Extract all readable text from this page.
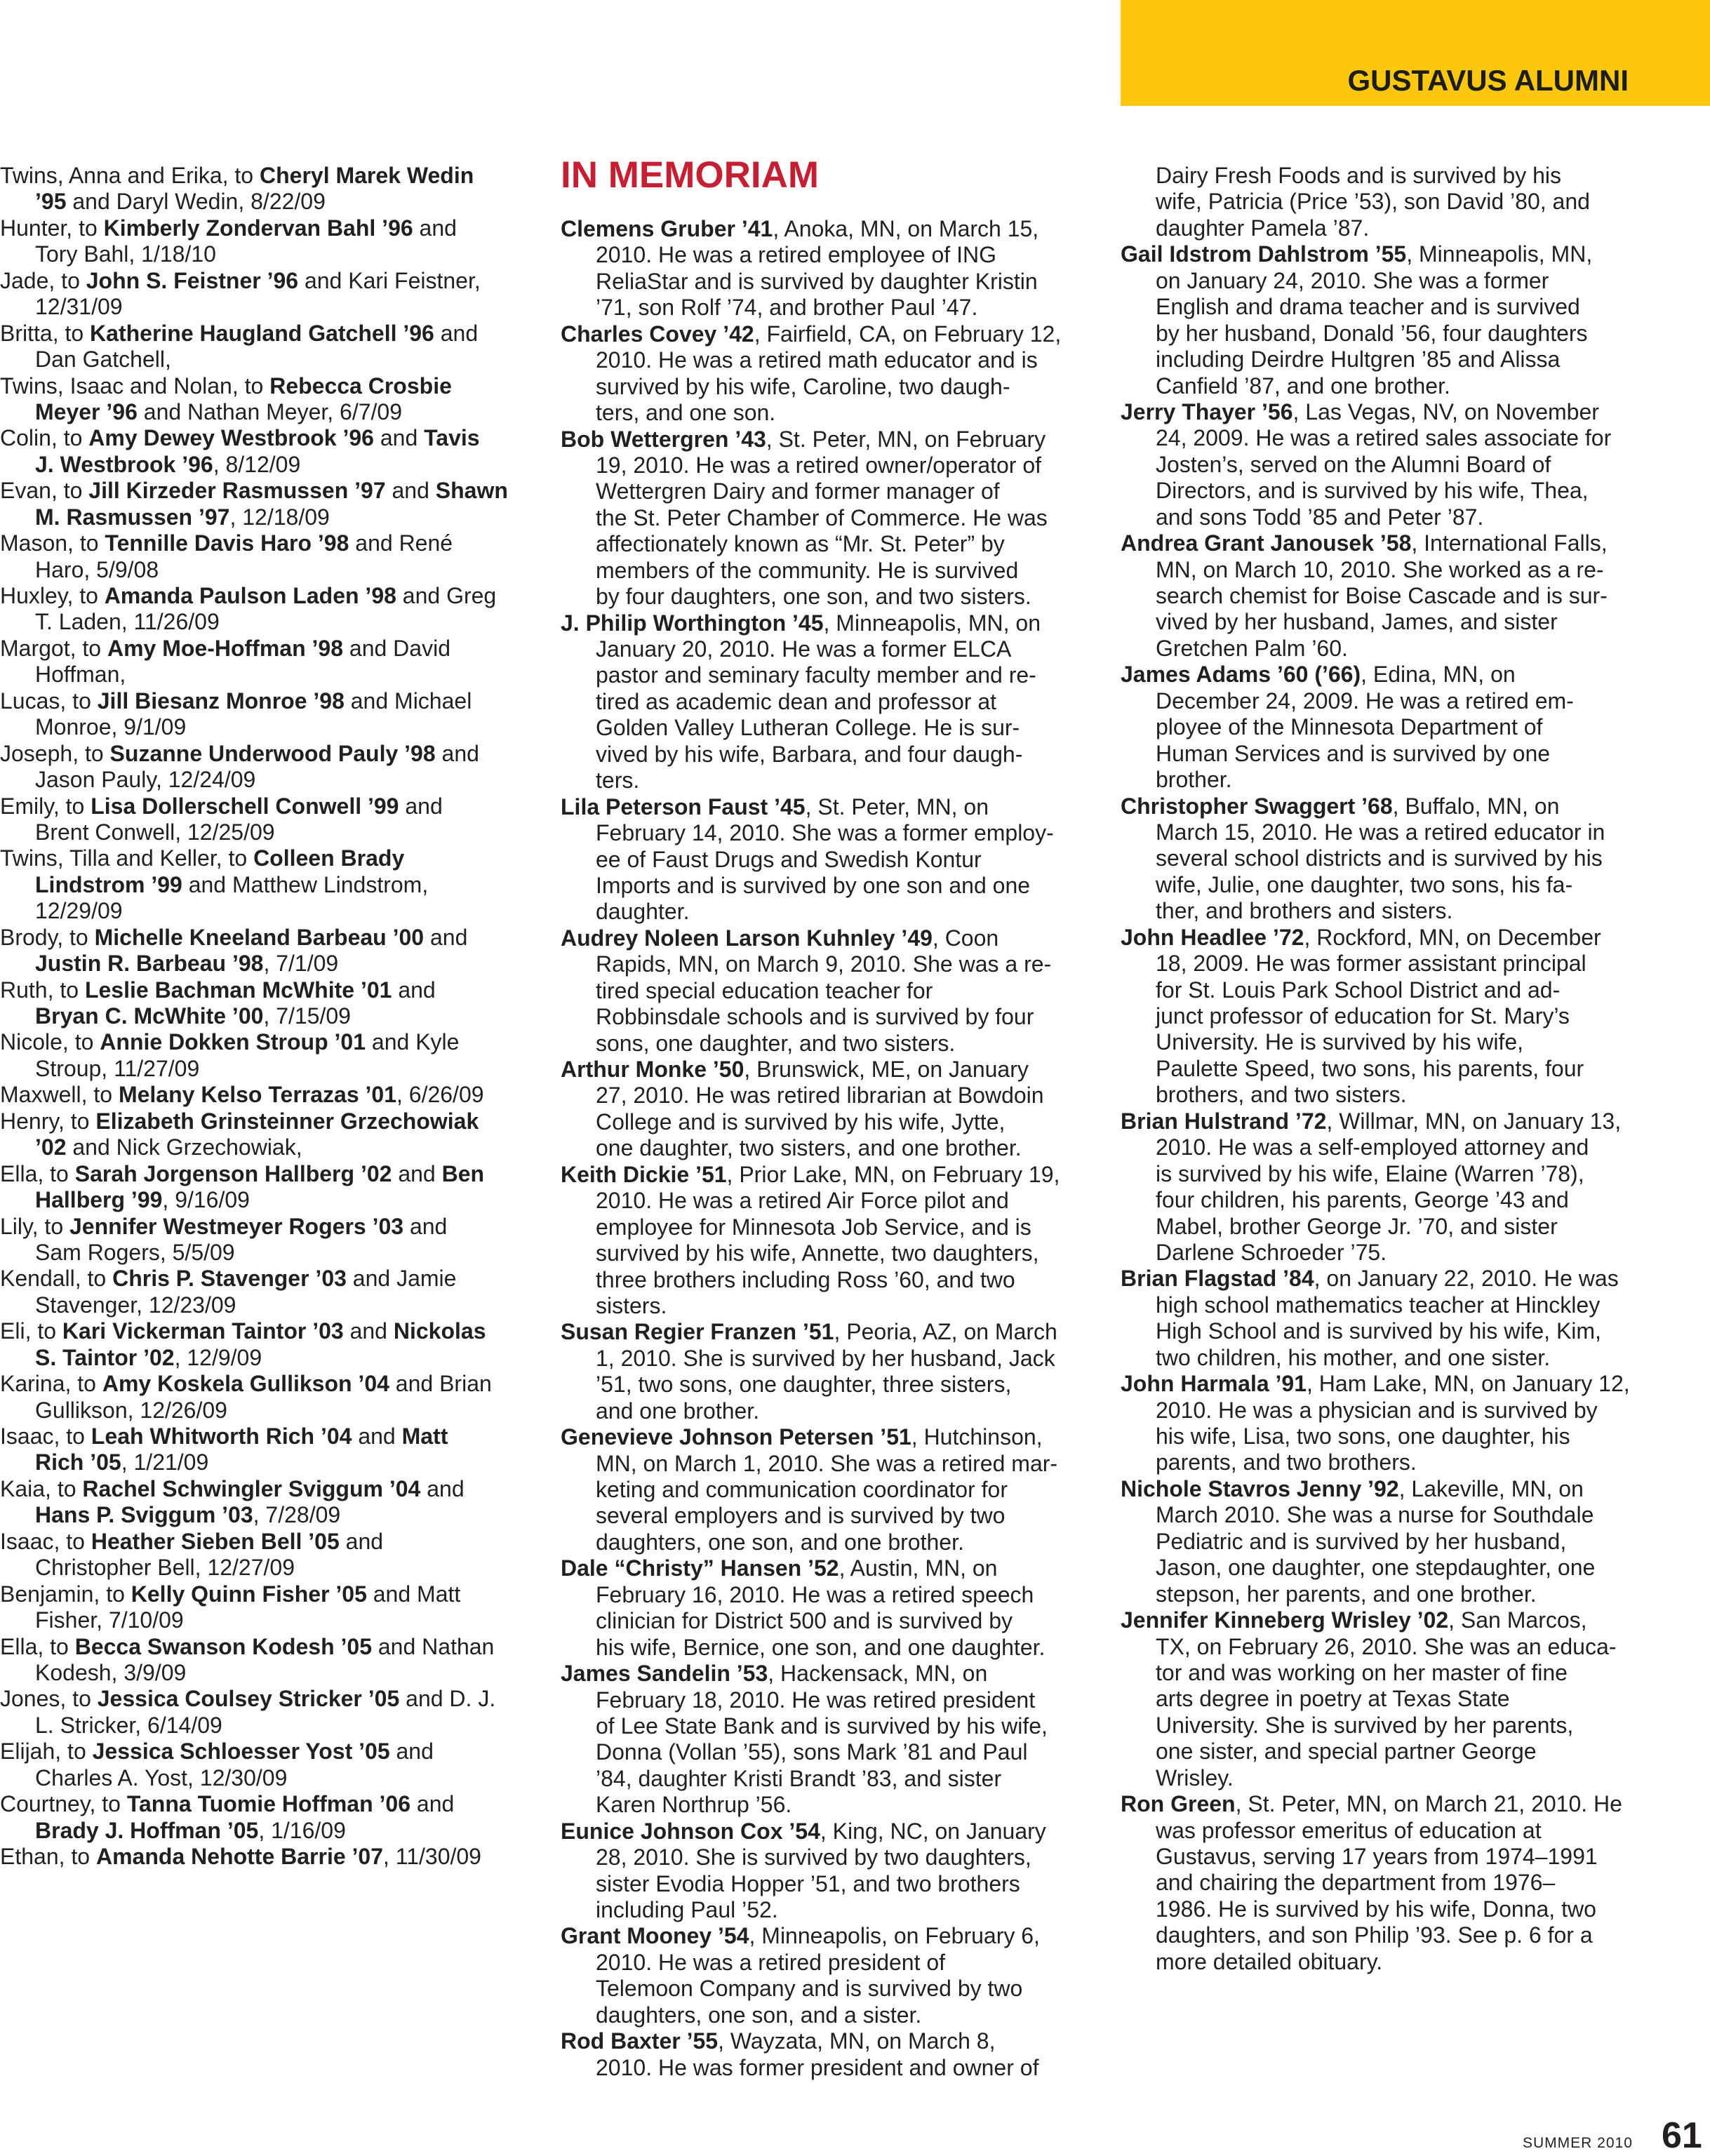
GUSTAVUS ALUMNI
Twins, Anna and Erika, to Cheryl Marek Wedin
’95 and Daryl Wedin, 8/22/09
Hunter, to Kimberly Zondervan Bahl ’96 and
Tory Bahl, 1/18/10
Jade, to John S. Feistner ’96 and Kari Feistner,
12/31/09
Britta, to Katherine Haugland Gatchell ’96 and
Dan Gatchell,
Twins, Isaac and Nolan, to Rebecca Crosbie
Meyer ’96 and Nathan Meyer, 6/7/09
Colin, to Amy Dewey Westbrook ’96 and Tavis
J. Westbrook ’96, 8/12/09
Evan, to Jill Kirzeder Rasmussen ’97 and Shawn
M. Rasmussen ’97, 12/18/09
Mason, to Tennille Davis Haro ’98 and René
Haro, 5/9/08
Huxley, to Amanda Paulson Laden ’98 and Greg
T. Laden, 11/26/09
Margot, to Amy Moe-Hoffman ’98 and David
Hoffman,
Lucas, to Jill Biesanz Monroe ’98 and Michael
Monroe, 9/1/09
Joseph, to Suzanne Underwood Pauly ’98 and
Jason Pauly, 12/24/09
Emily, to Lisa Dollerschell Conwell ’99 and
Brent Conwell, 12/25/09
Twins, Tilla and Keller, to Colleen Brady
Lindstrom ’99 and Matthew Lindstrom,
12/29/09
Brody, to Michelle Kneeland Barbeau ’00 and
Justin R. Barbeau ’98, 7/1/09
Ruth, to Leslie Bachman McWhite ’01 and
Bryan C. McWhite ’00, 7/15/09
Nicole, to Annie Dokken Stroup ’01 and Kyle
Stroup, 11/27/09
Maxwell, to Melany Kelso Terrazas ’01, 6/26/09
Henry, to Elizabeth Grinsteinner Grzechowiak
’02 and Nick Grzechowiak,
Ella, to Sarah Jorgenson Hallberg ’02 and Ben
Hallberg ’99, 9/16/09
Lily, to Jennifer Westmeyer Rogers ’03 and
Sam Rogers, 5/5/09
Kendall, to Chris P. Stavenger ’03 and Jamie
Stavenger, 12/23/09
Eli, to Kari Vickerman Taintor ’03 and Nickolas
S. Taintor ’02, 12/9/09
Karina, to Amy Koskela Gullikson ’04 and Brian
Gullikson, 12/26/09
Isaac, to Leah Whitworth Rich ’04 and Matt
Rich ’05, 1/21/09
Kaia, to Rachel Schwingler Sviggum ’04 and
Hans P. Sviggum ’03, 7/28/09
Isaac, to Heather Sieben Bell ’05 and
Christopher Bell, 12/27/09
Benjamin, to Kelly Quinn Fisher ’05 and Matt
Fisher, 7/10/09
Ella, to Becca Swanson Kodesh ’05 and Nathan
Kodesh, 3/9/09
Jones, to Jessica Coulsey Stricker ’05 and D. J.
L. Stricker, 6/14/09
Elijah, to Jessica Schloesser Yost ’05 and
Charles A. Yost, 12/30/09
Courtney, to Tanna Tuomie Hoffman ’06 and
Brady J. Hoffman ’05, 1/16/09
Ethan, to Amanda Nehotte Barrie ’07, 11/30/09
IN MEMORIAM
Clemens Gruber ’41, Anoka, MN, on March 15,
2010. He was a retired employee of ING
ReliaStar and is survived by daughter Kristin
’71, son Rolf ’74, and brother Paul ’47.
Charles Covey ’42, Fairfield, CA, on February 12,
2010. He was a retired math educator and is
survived by his wife, Caroline, two daugh-
ters, and one son.
Bob Wettergren ’43, St. Peter, MN, on February
19, 2010. He was a retired owner/operator of
Wettergren Dairy and former manager of
the St. Peter Chamber of Commerce. He was
affectionately known as “Mr. St. Peter” by
members of the community. He is survived
by four daughters, one son, and two sisters.
J. Philip Worthington ’45, Minneapolis, MN, on
January 20, 2010. He was a former ELCA
pastor and seminary faculty member and re-
tired as academic dean and professor at
Golden Valley Lutheran College. He is sur-
vived by his wife, Barbara, and four daugh-
ters.
Lila Peterson Faust ’45, St. Peter, MN, on
February 14, 2010. She was a former employ-
ee of Faust Drugs and Swedish Kontur
Imports and is survived by one son and one
daughter.
Audrey Noleen Larson Kuhnley ’49, Coon
Rapids, MN, on March 9, 2010. She was a re-
tired special education teacher for
Robbinsdale schools and is survived by four
sons, one daughter, and two sisters.
Arthur Monke ’50, Brunswick, ME, on January
27, 2010. He was retired librarian at Bowdoin
College and is survived by his wife, Jytte,
one daughter, two sisters, and one brother.
Keith Dickie ’51, Prior Lake, MN, on February 19,
2010. He was a retired Air Force pilot and
employee for Minnesota Job Service, and is
survived by his wife, Annette, two daughters,
three brothers including Ross ’60, and two
sisters.
Susan Regier Franzen ’51, Peoria, AZ, on March
1, 2010. She is survived by her husband, Jack
’51, two sons, one daughter, three sisters,
and one brother.
Genevieve Johnson Petersen ’51, Hutchinson,
MN, on March 1, 2010. She was a retired mar-
keting and communication coordinator for
several employers and is survived by two
daughters, one son, and one brother.
Dale “Christy” Hansen ’52, Austin, MN, on
February 16, 2010. He was a retired speech
clinician for District 500 and is survived by
his wife, Bernice, one son, and one daughter.
James Sandelin ’53, Hackensack, MN, on
February 18, 2010. He was retired president
of Lee State Bank and is survived by his wife,
Donna (Vollan ’55), sons Mark ’81 and Paul
’84, daughter Kristi Brandt ’83, and sister
Karen Northrup ’56.
Eunice Johnson Cox ’54, King, NC, on January
28, 2010. She is survived by two daughters,
sister Evodia Hopper ’51, and two brothers
including Paul ’52.
Grant Mooney ’54, Minneapolis, on February 6,
2010. He was a retired president of
Telemoon Company and is survived by two
daughters, one son, and a sister.
Rod Baxter ’55, Wayzata, MN, on March 8,
2010. He was former president and owner of
Dairy Fresh Foods and is survived by his
wife, Patricia (Price ’53), son David ’80, and
daughter Pamela ’87.
Gail Idstrom Dahlstrom ’55, Minneapolis, MN,
on January 24, 2010. She was a former
English and drama teacher and is survived
by her husband, Donald ’56, four daughters
including Deirdre Hultgren ’85 and Alissa
Canfield ’87, and one brother.
Jerry Thayer ’56, Las Vegas, NV, on November
24, 2009. He was a retired sales associate for
Josten’s, served on the Alumni Board of
Directors, and is survived by his wife, Thea,
and sons Todd ’85 and Peter ’87.
Andrea Grant Janousek ’58, International Falls,
MN, on March 10, 2010. She worked as a re-
search chemist for Boise Cascade and is sur-
vived by her husband, James, and sister
Gretchen Palm ’60.
James Adams ’60 (’66), Edina, MN, on
December 24, 2009. He was a retired em-
ployee of the Minnesota Department of
Human Services and is survived by one
brother.
Christopher Swaggert ’68, Buffalo, MN, on
March 15, 2010. He was a retired educator in
several school districts and is survived by his
wife, Julie, one daughter, two sons, his fa-
ther, and brothers and sisters.
John Headlee ’72, Rockford, MN, on December
18, 2009. He was former assistant principal
for St. Louis Park School District and ad-
junct professor of education for St. Mary’s
University. He is survived by his wife,
Paulette Speed, two sons, his parents, four
brothers, and two sisters.
Brian Hulstrand ’72, Willmar, MN, on January 13,
2010. He was a self-employed attorney and
is survived by his wife, Elaine (Warren ’78),
four children, his parents, George ’43 and
Mabel, brother George Jr. ’70, and sister
Darlene Schroeder ’75.
Brian Flagstad ’84, on January 22, 2010. He was
high school mathematics teacher at Hinckley
High School and is survived by his wife, Kim,
two children, his mother, and one sister.
John Harmala ’91, Ham Lake, MN, on January 12,
2010. He was a physician and is survived by
his wife, Lisa, two sons, one daughter, his
parents, and two brothers.
Nichole Stavros Jenny ’92, Lakeville, MN, on
March 2010. She was a nurse for Southdale
Pediatric and is survived by her husband,
Jason, one daughter, one stepdaughter, one
stepson, her parents, and one brother.
Jennifer Kinneberg Wrisley ’02, San Marcos,
TX, on February 26, 2010. She was an educa-
tor and was working on her master of fine
arts degree in poetry at Texas State
University. She is survived by her parents,
one sister, and special partner George
Wrisley.
Ron Green, St. Peter, MN, on March 21, 2010. He
was professor emeritus of education at
Gustavus, serving 17 years from 1974–1991
and chairing the department from 1976–
1986. He is survived by his wife, Donna, two
daughters, and son Philip ’93. See p. 6 for a
more detailed obituary.
SUMMER 2010 61
